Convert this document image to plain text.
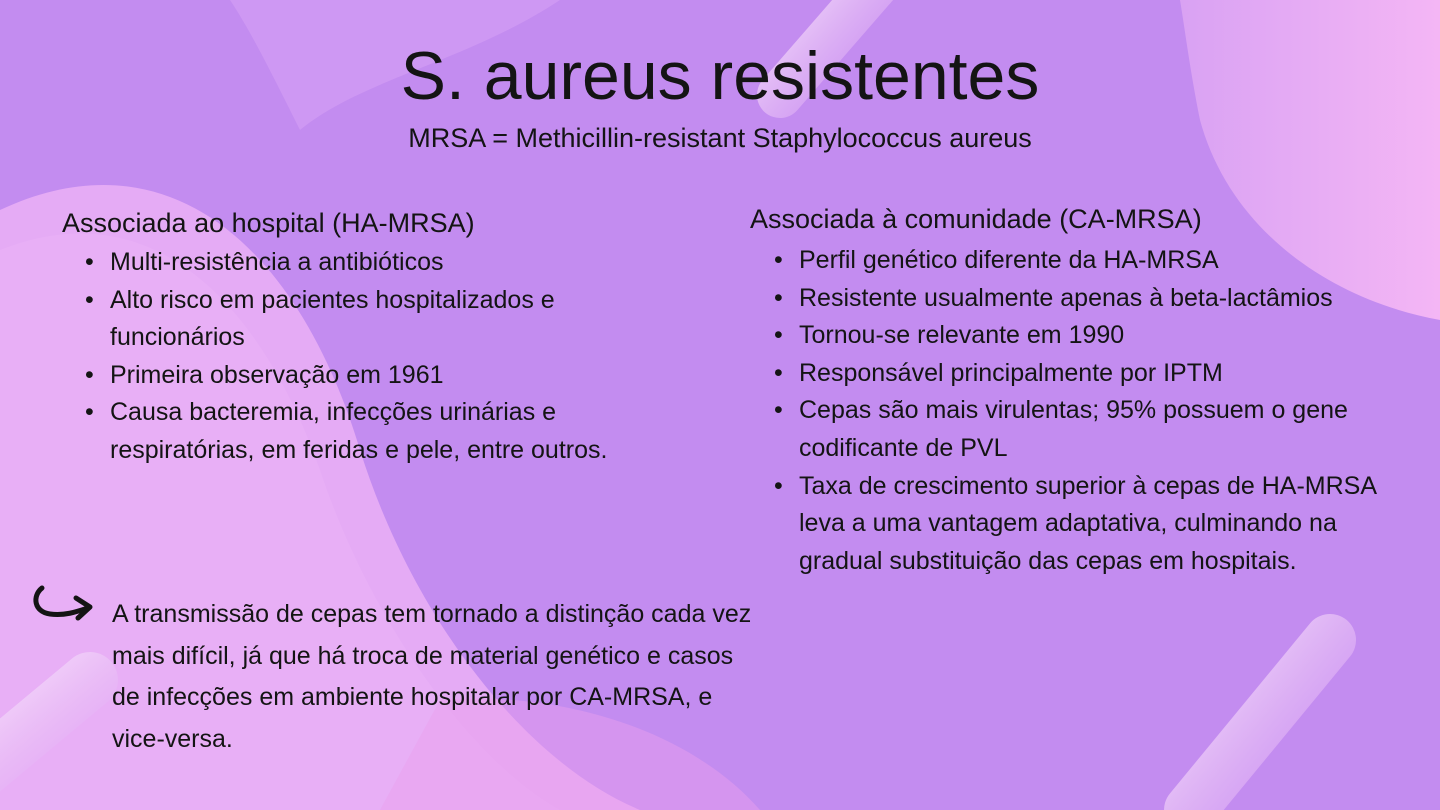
S. aureus resistentes

MRSA = Methicillin-resistant Staphylococcus aureus

Associada ao hospital (HA-MRSA)
• Multi-resistência a antibióticos
• Alto risco em pacientes hospitalizados e funcionários
• Primeira observação em 1961
• Causa bacteremia, infecções urinárias e respiratórias, em feridas e pele, entre outros.
Associada à comunidade (CA-MRSA)
• Perfil genético diferente da HA-MRSA
• Resistente usualmente apenas à beta-lactâmios
• Tornou-se relevante em 1990
• Responsável principalmente por IPTM
• Cepas são mais virulentas; 95% possuem o gene codificante de PVL
• Taxa de crescimento superior à cepas de HA-MRSA leva a uma vantagem adaptativa, culminando na gradual substituição das cepas em hospitais.

A transmissão de cepas tem tornado a distinção cada vez mais difícil, já que há troca de material genético e casos de infecções em ambiente hospitalar por CA-MRSA, e vice-versa.
